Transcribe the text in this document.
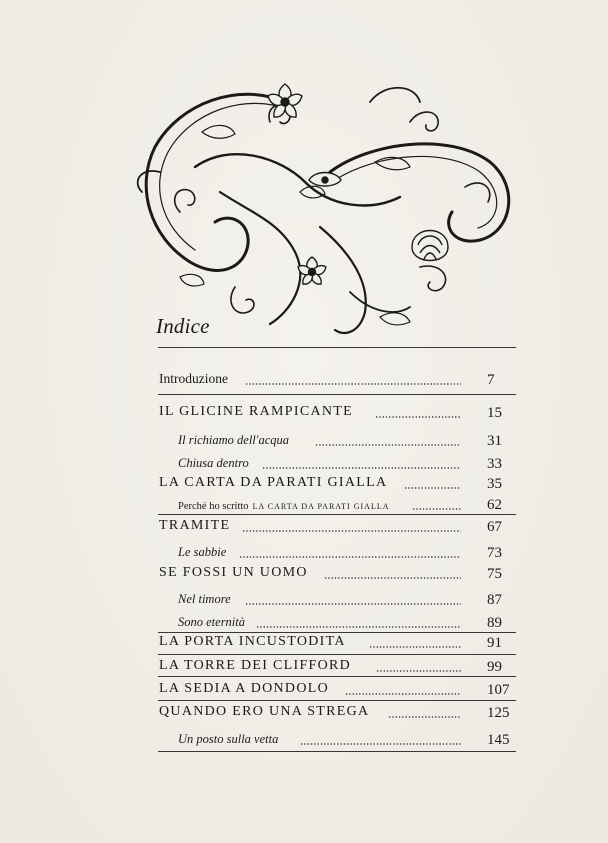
Indice
Introduzione	7
IL GLICINE RAMPICANTE	15
Il richiamo dell'acqua	31
Chiusa dentro	33
LA CARTA DA PARATI GIALLA	35
Perché ho scritto LA CARTA DA PARATI GIALLA	62
TRAMITE	67
Le sabbie	73
SE FOSSI UN UOMO	75
Nel timore	87
Sono eternità	89
LA PORTA INCUSTODITA	91
LA TORRE DEI CLIFFORD	99
LA SEDIA A DONDOLO	107
QUANDO ERO UNA STREGA	125
Un posto sulla vetta	145
